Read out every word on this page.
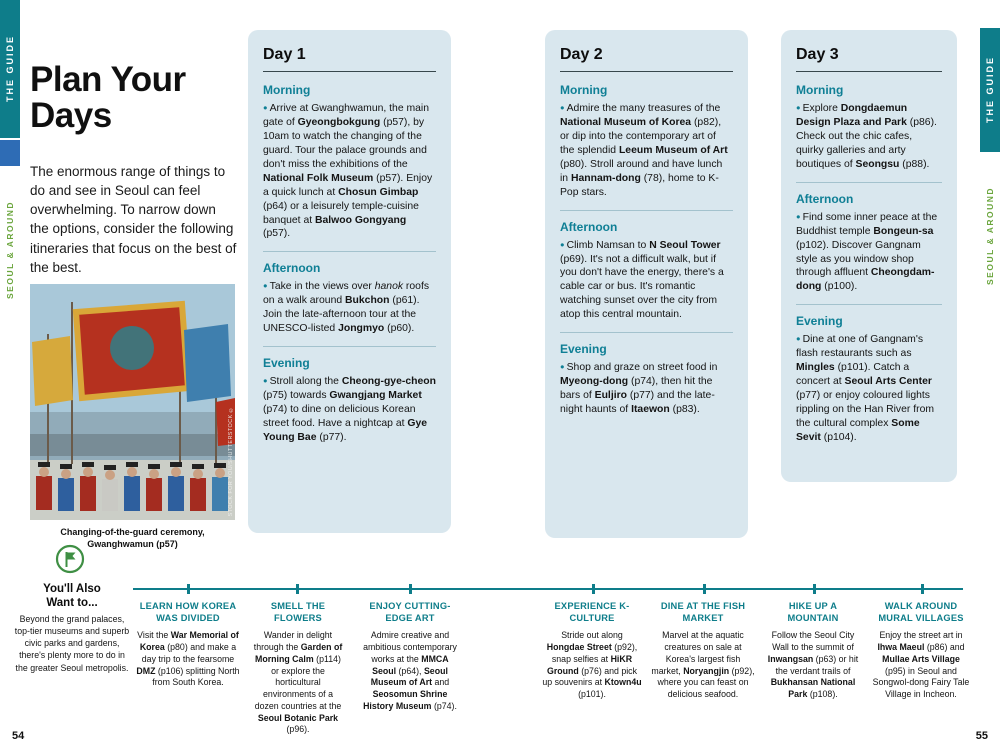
THE GUIDE
SEOUL & AROUND
54
THE GUIDE
SEOUL & AROUND
55
Plan Your Days

The enormous range of things to do and see in Seoul can feel overwhelming. To narrow down the options, consider the following itineraries that focus on the best of the best.

STOCK FOR YOU/SHUTTERSTOCK ©
Changing-of-the-guard ceremony,
Gwanghwamun (p57)
You'll Also
Want to...
Beyond the grand palaces, top-tier museums and superb civic parks and gardens, there's plenty more to do in the greater Seoul metropolis.
Day 1
Morning

● Arrive at Gwanghwamun, the main gate of Gyeongbokgung (p57), by 10am to watch the changing of the guard. Tour the palace grounds and don't miss the exhibitions of the National Folk Museum (p57). Enjoy a quick lunch at Chosun Gimbap (p64) or a leisurely temple-cuisine banquet at Balwoo Gongyang (p57).

Afternoon

● Take in the views over hanok roofs on a walk around Bukchon (p61). Join the late-afternoon tour at the UNESCO-listed Jongmyo (p60).

Evening

● Stroll along the Cheong-gye-cheon (p75) towards Gwangjang Market (p74) to dine on delicious Korean street food. Have a nightcap at Gye Young Bae (p77).

Day 2
Morning

● Admire the many treasures of the National Museum of Korea (p82), or dip into the contemporary art of the splendid Leeum Museum of Art (p80). Stroll around and have lunch in Hannam-dong (78), home to K-Pop stars.

Afternoon

● Climb Namsan to N Seoul Tower (p69). It's not a difficult walk, but if you don't have the energy, there's a cable car or bus. It's romantic watching sunset over the city from atop this central mountain.

Evening

● Shop and graze on street food in Myeong-dong (p74), then hit the bars of Euljiro (p77) and the late-night haunts of Itaewon (p83).

Day 3
Morning

● Explore Dongdaemun Design Plaza and Park (p86). Check out the chic cafes, quirky galleries and arty boutiques of Seongsu (p88).

Afternoon

● Find some inner peace at the Buddhist temple Bongeun-sa (p102). Discover Gangnam style as you window shop through affluent Cheongdam-dong (p100).

Evening

● Dine at one of Gangnam's flash restaurants such as Mingles (p101). Catch a concert at Seoul Arts Center (p77) or enjoy coloured lights rippling on the Han River from the cultural complex Some Sevit (p104).

LEARN HOW KOREA WAS DIVIDED
Visit the War Memorial of Korea (p80) and make a day trip to the fearsome DMZ (p106) splitting North from South Korea.
SMELL THE FLOWERS
Wander in delight through the Garden of Morning Calm (p114) or explore the horticultural environments of a dozen countries at the Seoul Botanic Park (p96).
ENJOY CUTTING-EDGE ART
Admire creative and ambitious contemporary works at the MMCA Seoul (p64), Seoul Museum of Art and Seosomun Shrine History Museum (p74).
EXPERIENCE K-CULTURE
Stride out along Hongdae Street (p92), snap selfies at HiKR Ground (p76) and pick up souvenirs at Ktown4u (p101).
DINE AT THE FISH MARKET
Marvel at the aquatic creatures on sale at Korea's largest fish market, Noryangjin (p92), where you can feast on delicious seafood.
HIKE UP A MOUNTAIN
Follow the Seoul City Wall to the summit of Inwangsan (p63) or hit the verdant trails of Bukhansan National Park (p108).
WALK AROUND MURAL VILLAGES
Enjoy the street art in Ihwa Maeul (p86) and Mullae Arts Village (p95) in Seoul and Songwol-dong Fairy Tale Village in Incheon.
